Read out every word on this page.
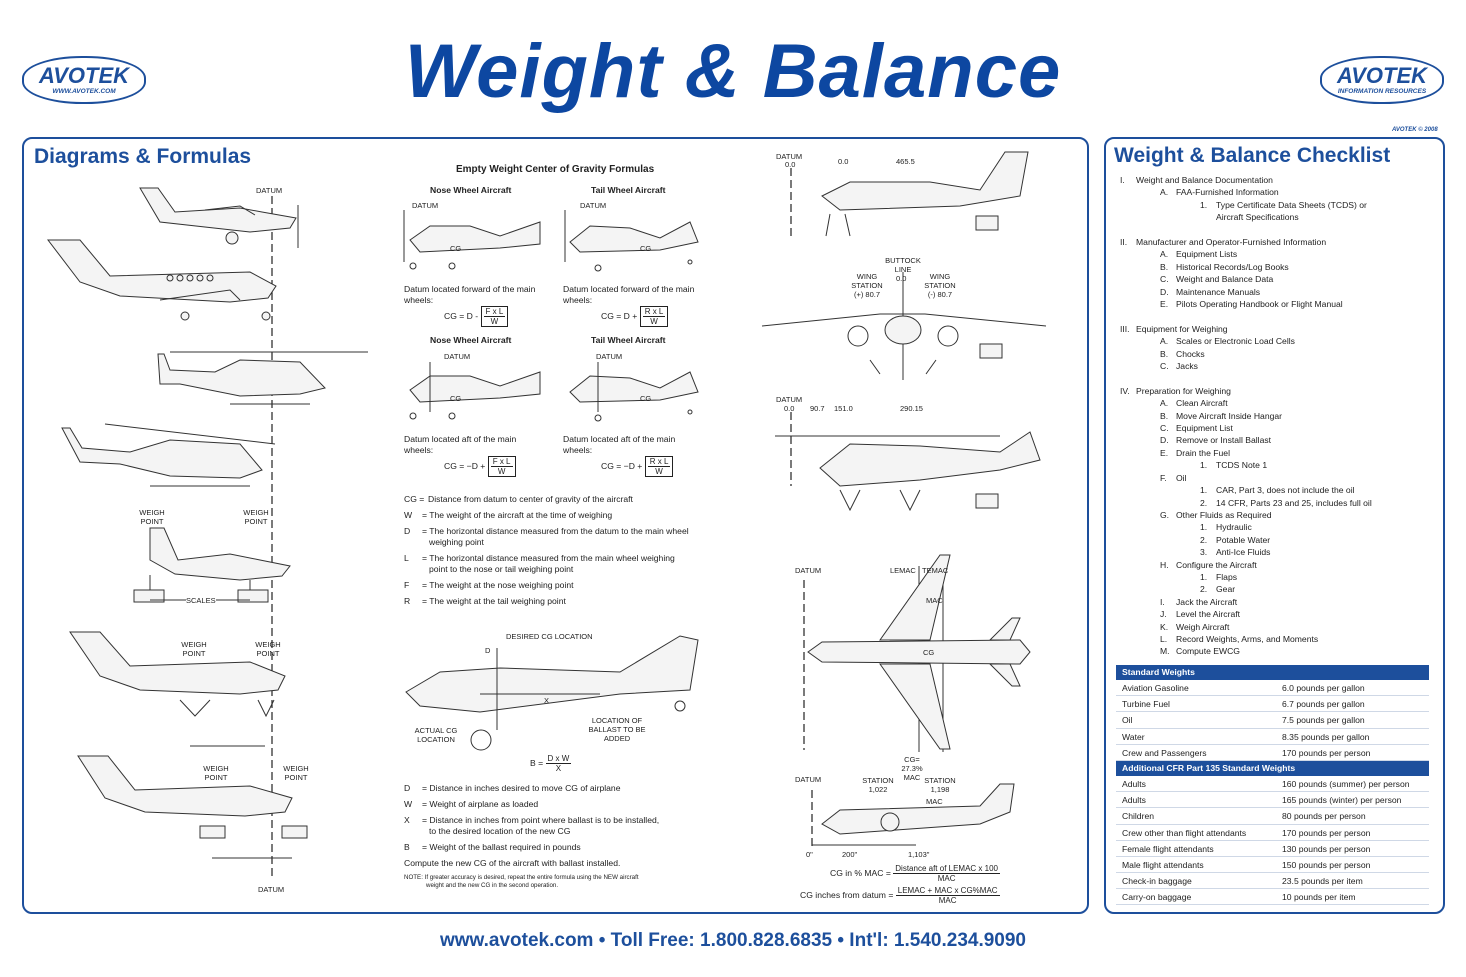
AVOTEK
WWW.AVOTEK.COM	Weight & Balance	AVOTEK
INFORMATION RESOURCES
AVOTEK © 2008
Diagrams & Formulas
DATUM
WEIGH POINT
WEIGH POINT
SCALES
WEIGH POINT
WEIGH POINT
WEIGH POINT
WEIGH POINT
DATUM
Empty Weight Center of Gravity Formulas
Nose Wheel Aircraft	Tail Wheel Aircraft
DATUM	DATUM
CG	CG
Datum located forward of the main wheels:
Datum located forward of the main wheels:
CG = D - $\frac{\text{F x L}}{W}$	CG = $D + \frac{\text{R x L}}{W}$
Nose Wheel Aircraft	Tail Wheel Aircraft
DATUM	DATUM
CG	CG
Datum located aft of the main wheels:
Datum located aft of the main wheels:
CG = $-D + \frac{\text{F x L}}{W}$	CG = $-D + \frac{\text{R x L}}{W}$
CG = Distance from datum to center of gravity of the aircraft
W = The weight of the aircraft at the time of weighing
D = The horizontal distance measured from the datum to the main wheel
weighing point
L = The horizontal distance measured from the main wheel weighing
point to the nose or tail weighing point
F = The weight at the nose weighing point
R = The weight at the tail weighing point
DESIRED CG LOCATION
D
X
ACTUAL CG LOCATION
LOCATION OF BALLAST TO BE ADDED
$B = \frac{\text{D x W}}{X}$
D = Distance in inches desired to move CG of airplane
W = Weight of airplane as loaded
X = Distance in inches from point where ballast is to be installed,
to the desired location of the new CG
B = Weight of the ballast required in pounds
Compute the new CG of the aircraft with ballast installed.
NOTE: If greater accuracy is desired, repeat the entire formula using the NEW aircraft
weight and the new CG in the second operation.
DATUM
0.0	0.0	465.5
BUTTOCK LINE
0.0
WING STATION (+) 80.7
WING STATION (-) 80.7
DATUM
0.0 90.7 151.0	290.15
DATUM	LEMAC TEMAC
MAC
CG
CG= 27.3% MAC
DATUM	STATION 1,022
STATION 1,198
MAC
0"	200"	1,103"
CG in % MAC = $\frac{\text{Distance aft of LEMAC x 100}}{\text{MAC}}$
CG inches from datum = $\frac{\text{LEMAC + MAC x CG\%MAC}}{\text{MAC}}$
Weight & Balance Checklist
I. Weight and Balance Documentation
A. FAA-Furnished Information
1. Type Certificate Data Sheets (TCDS) or
Aircraft Specifications
II. Manufacturer and Operator-Furnished Information
A. Equipment Lists
B. Historical Records/Log Books
C. Weight and Balance Data
D. Maintenance Manuals
E. Pilots Operating Handbook or Flight Manual
III. Equipment for Weighing
A. Scales or Electronic Load Cells
B. Chocks
C. Jacks
IV. Preparation for Weighing
A. Clean Aircraft
B. Move Aircraft Inside Hangar
C. Equipment List
D. Remove or Install Ballast
E. Drain the Fuel
1. TCDS Note 1
F. Oil
1. CAR, Part 3, does not include the oil
2. 14 CFR, Parts 23 and 25, includes full oil
G. Other Fluids as Required
1. Hydraulic
2. Potable Water
3. Anti-Ice Fluids
H. Configure the Aircraft
1. Flaps
2. Gear
I. Jack the Aircraft
J. Level the Aircraft
K. Weigh Aircraft
L. Record Weights, Arms, and Moments
M. Compute EWCG
Standard Weights
Aviation Gasoline	6.0 pounds per gallon
Turbine Fuel	6.7 pounds per gallon
Oil	7.5 pounds per gallon
Water	8.35 pounds per gallon
Crew and Passengers	170 pounds per person
Additional CFR Part 135 Standard Weights
Adults	160 pounds (summer) per person
Adults	165 pounds (winter) per person
Children	80 pounds per person
Crew other than flight attendants	170 pounds per person
Female flight attendants	130 pounds per person
Male flight attendants	150 pounds per person
Check-in baggage	23.5 pounds per item
Carry-on baggage	10 pounds per item
www.avotek.com • Toll Free: 1.800.828.6835 • Int'l: 1.540.234.9090
